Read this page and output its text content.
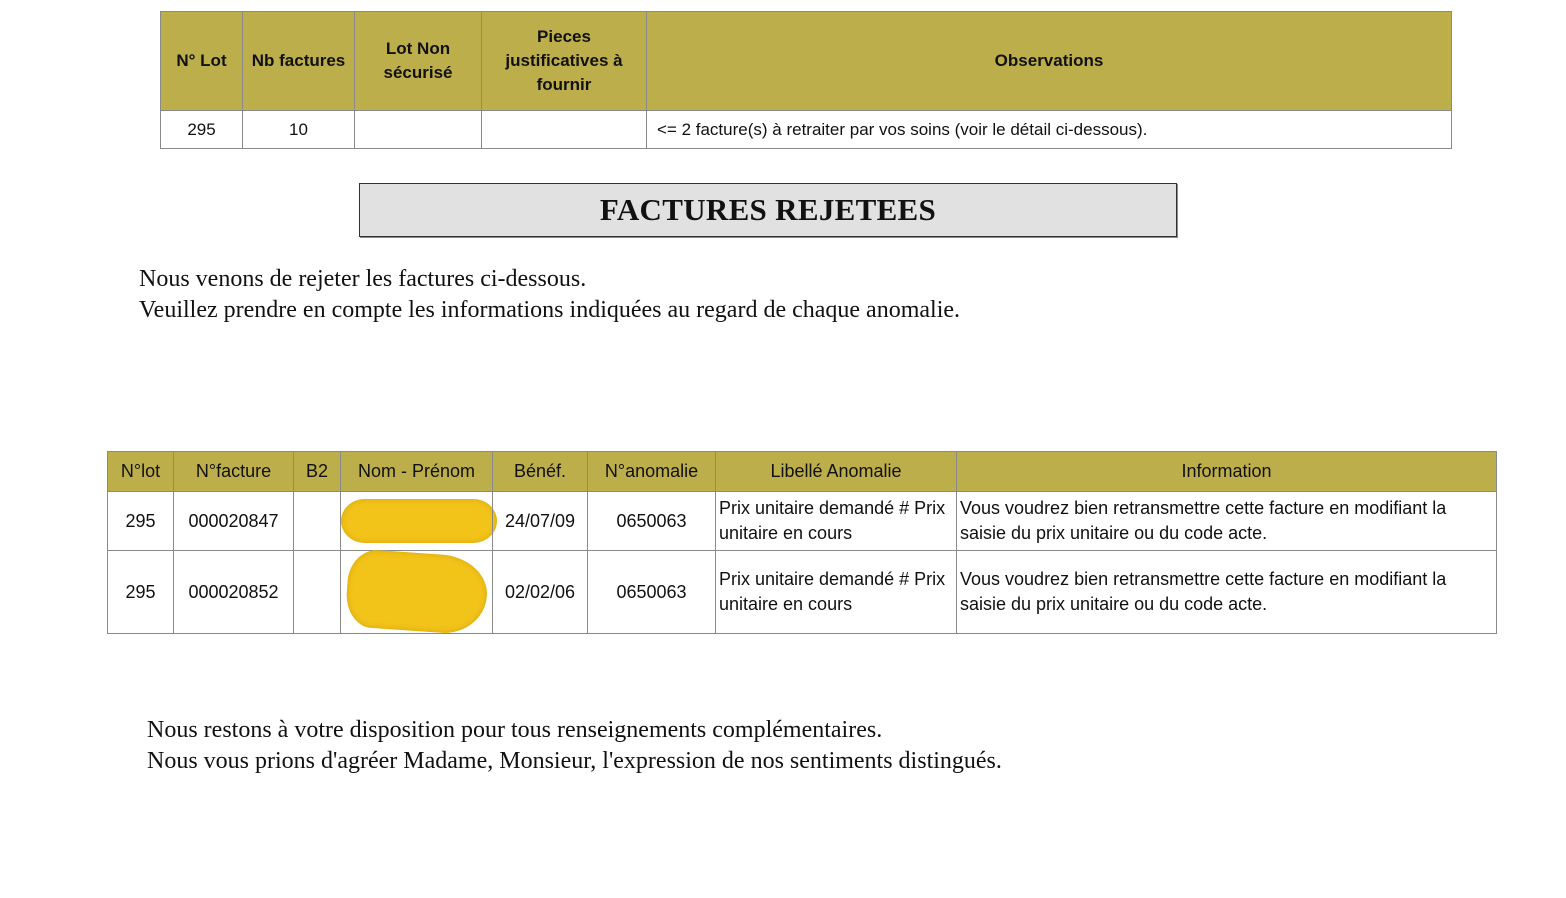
N° Lot	Nb factures	Lot Non sécurisé	Pieces justificatives à fournir	Observations
295	10			<= 2 facture(s) à retraiter par vos soins (voir le détail ci-dessous).
FACTURES REJETEES
Nous venons de rejeter les factures ci-dessous.
Veuillez prendre en compte les informations indiquées au regard de chaque anomalie.
N°lot	N°facture	B2	Nom - Prénom	Bénéf.	N°anomalie	Libellé Anomalie	Information
295	000020847			24/07/09	0650063	Prix unitaire demandé # Prix unitaire en cours	Vous voudrez bien retransmettre cette facture en modifiant la saisie du prix unitaire ou du code acte.
295	000020852			02/02/06	0650063	Prix unitaire demandé # Prix unitaire en cours	Vous voudrez bien retransmettre cette facture en modifiant la saisie du prix unitaire ou du code acte.
Nous restons à votre disposition pour tous renseignements complémentaires.
Nous vous prions d'agréer Madame, Monsieur, l'expression de nos sentiments distingués.
